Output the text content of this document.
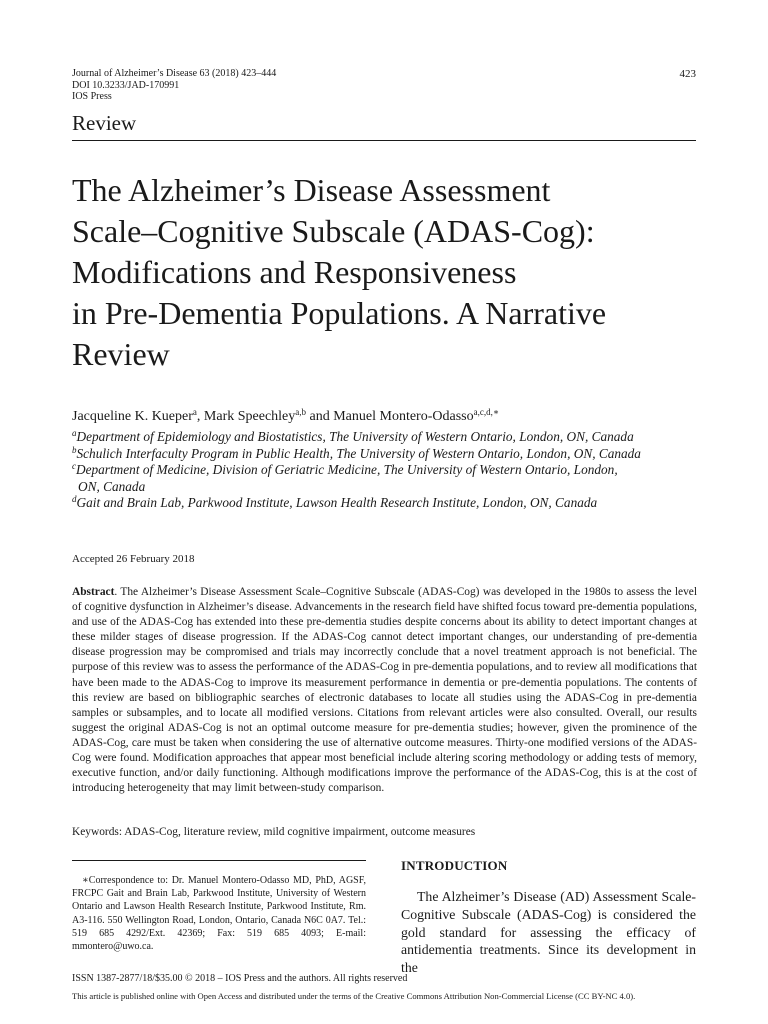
Journal of Alzheimer’s Disease 63 (2018) 423–444
DOI 10.3233/JAD-170991
IOS Press
423
Review
The Alzheimer’s Disease Assessment
Scale–Cognitive Subscale (ADAS-Cog):
Modifications and Responsiveness
in Pre-Dementia Populations. A Narrative
Review
Jacqueline K. Kueper$^a$, Mark Speechley$^{a,b}$ and Manuel Montero-Odasso$^{a,c,d,∗}$
$^a$Department of Epidemiology and Biostatistics, The University of Western Ontario, London, ON, Canada
$^b$Schulich Interfaculty Program in Public Health, The University of Western Ontario, London, ON, Canada
$^c$Department of Medicine, Division of Geriatric Medicine, The University of Western Ontario, London,
ON, Canada
$^d$Gait and Brain Lab, Parkwood Institute, Lawson Health Research Institute, London, ON, Canada
Accepted 26 February 2018
Abstract. The Alzheimer’s Disease Assessment Scale–Cognitive Subscale (ADAS-Cog) was developed in the 1980s to assess the level of cognitive dysfunction in Alzheimer’s disease. Advancements in the research field have shifted focus toward pre-dementia populations, and use of the ADAS-Cog has extended into these pre-dementia studies despite concerns about its ability to detect important changes at these milder stages of disease progression. If the ADAS-Cog cannot detect important changes, our understanding of pre-dementia disease progression may be compromised and trials may incorrectly conclude that a novel treatment approach is not beneficial. The purpose of this review was to assess the performance of the ADAS-Cog in pre-dementia populations, and to review all modifications that have been made to the ADAS-Cog to improve its measurement performance in dementia or pre-dementia populations. The contents of this review are based on bibliographic searches of electronic databases to locate all studies using the ADAS-Cog in pre-dementia samples or subsamples, and to locate all modified versions. Citations from relevant articles were also consulted. Overall, our results suggest the original ADAS-Cog is not an optimal outcome measure for pre-dementia studies; however, given the prominence of the ADAS-Cog, care must be taken when considering the use of alternative outcome measures. Thirty-one modified versions of the ADAS-Cog were found. Modification approaches that appear most beneficial include altering scoring methodology or adding tests of memory, executive function, and/or daily functioning. Although modifications improve the performance of the ADAS-Cog, this is at the cost of introducing heterogeneity that may limit between-study comparison.
Keywords: ADAS-Cog, literature review, mild cognitive impairment, outcome measures
∗Correspondence to: Dr. Manuel Montero-Odasso MD, PhD, AGSF, FRCPC Gait and Brain Lab, Parkwood Institute, University of Western Ontario and Lawson Health Research Institute, Parkwood Institute, Rm. A3-116. 550 Wellington Road, London, Ontario, Canada N6C 0A7. Tel.: 519 685 4292/Ext. 42369; Fax: 519 685 4093; E-mail: mmontero@uwo.ca.
INTRODUCTION
The Alzheimer’s Disease (AD) Assessment Scale-Cognitive Subscale (ADAS-Cog) is considered the gold standard for assessing the efficacy of antidementia treatments. Since its development in the
ISSN 1387-2877/18/$35.00 © 2018 – IOS Press and the authors. All rights reserved
This article is published online with Open Access and distributed under the terms of the Creative Commons Attribution Non-Commercial License (CC BY-NC 4.0).
